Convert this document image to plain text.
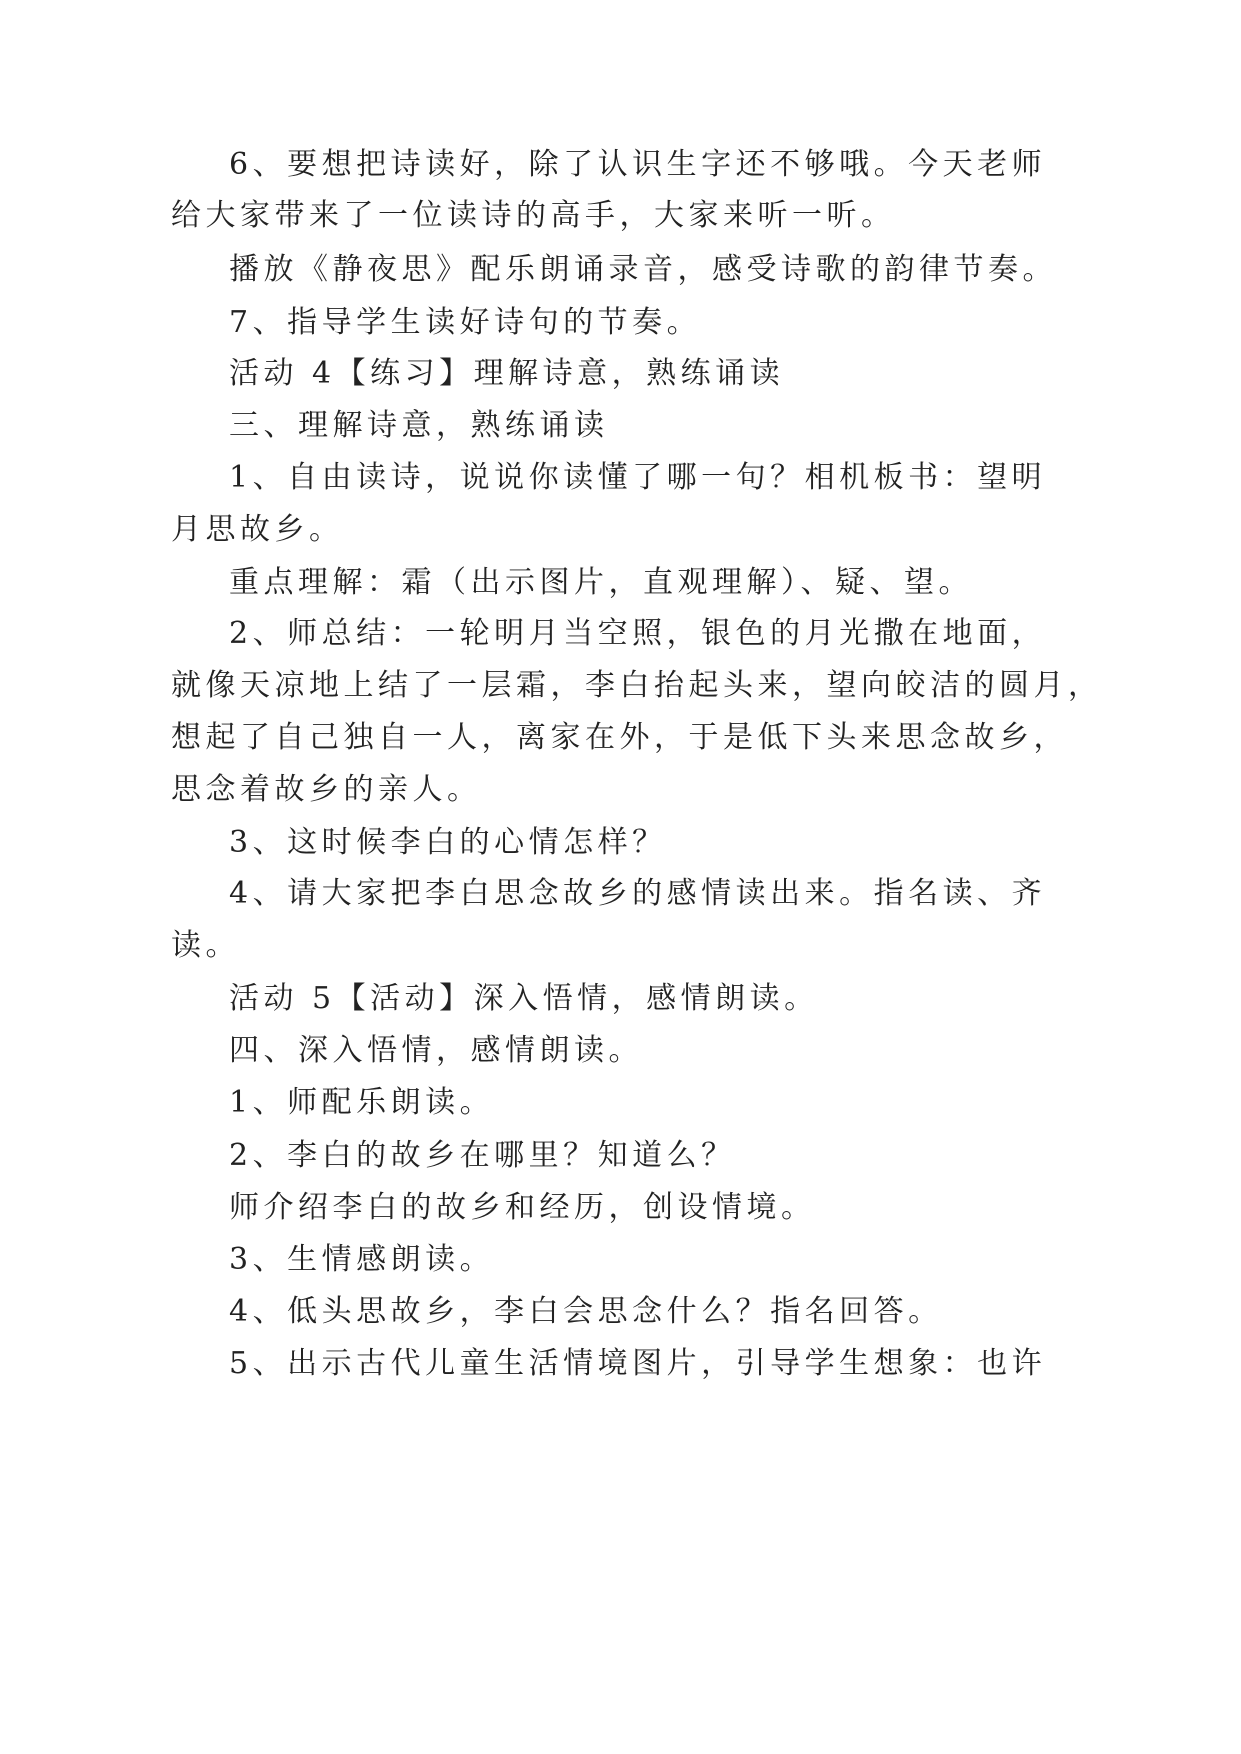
6、要想把诗读好，除了认识生字还不够哦。今天老师
给大家带来了一位读诗的高手，大家来听一听。
播放《静夜思》配乐朗诵录音，感受诗歌的韵律节奏。
7、指导学生读好诗句的节奏。
活动 4【练习】理解诗意，熟练诵读
三、理解诗意，熟练诵读
1、自由读诗，说说你读懂了哪一句？相机板书：望明
月思故乡。
重点理解：霜（出示图片，直观理解）、疑、望。
2、师总结：一轮明月当空照，银色的月光撒在地面，
就像天凉地上结了一层霜，李白抬起头来，望向皎洁的圆月，
想起了自己独自一人，离家在外，于是低下头来思念故乡，
思念着故乡的亲人。
3、这时候李白的心情怎样？
4、请大家把李白思念故乡的感情读出来。指名读、齐
读。
活动 5【活动】深入悟情，感情朗读。
四、深入悟情，感情朗读。
1、师配乐朗读。
2、李白的故乡在哪里？知道么？
师介绍李白的故乡和经历，创设情境。
3、生情感朗读。
4、低头思故乡，李白会思念什么？指名回答。
5、出示古代儿童生活情境图片，引导学生想象：也许
